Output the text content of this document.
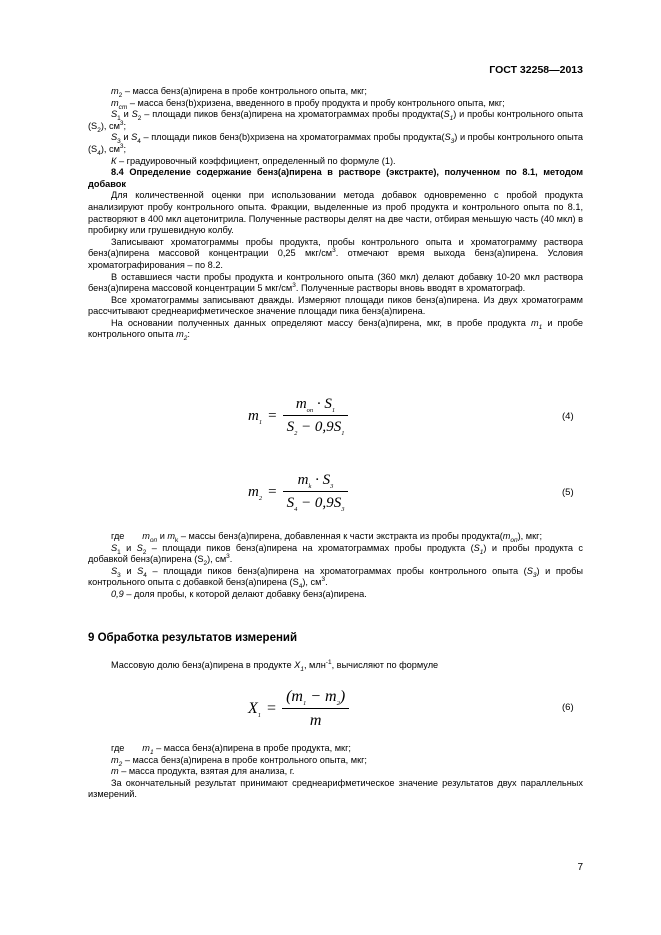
ГОСТ 32258—2013

$m_2$ – масса бенз(а)пирена в пробе контрольного опыта, мкг;

$m_{cm}$ – масса бенз(b)хризена, введенного в пробу продукта и пробу контрольного опыта, мкг;

$S_1$ и $S_2$ – площади пиков бенз(а)пирена на хроматограммах пробы $продукта(S_1)$ и пробы контрольного опыта $(S_2)$, $см^3$;

$S_3$ и $S_4$ – площади пиков бенз(b)хризена на хроматограммах пробы $продукта(S_3)$ и пробы контрольного опыта $(S_4)$, $см^3$;

К – градуировочный коэффициент, определенный по формуле (1).

8.4 Определение содержание бенз(а)пирена в растворе (экстракте), полученном по 8.1, методом добавок

Для количественной оценки при использовании метода добавок одновременно с пробой продукта анализируют пробу контрольного опыта. Фракции, выделенные из проб продукта и контрольного опыта по 8.1, растворяют в 400 мкл ацетонитрила. Полученные растворы делят на две части, отбирая меньшую часть (40 мкл) в пробирку или грушевидную колбу.

Записывают хроматограммы пробы продукта, пробы контрольного опыта и хроматограмму раствора бенз(а)пирена массовой концентрации 0,25 мкг/$см^3$. отмечают время выхода бенз(а)пирена. Условия хроматографирования – по 8.2.

В оставшиеся части пробы продукта и контрольного опыта (360 мкл) делают добавку 10-20 мкл раствора бенз(а)пирена массовой концентрации 5 мкг/$см^3$. Полученные растворы вновь вводят в хроматограф.

Все хроматограммы записывают дважды. Измеряют площади пиков бенз(а)пирена. Из двух хроматограмм рассчитывают среднеарифметическое значение площади пика бенз(а)пирена.

На основании полученных данных определяют массу бенз(а)пирена, мкг, в пробе продукта $m_1$ и пробе контрольного опыта $m_2$:

$m_1 = \frac{m_{оп} \cdot S_1}{S_2 - 0,9S_1}$	(4)
$m_2 = \frac{m_k \cdot S_3}{S_4 - 0,9S_3}$	(5)

где       $m_{оп}$ и $m_k$ – массы бенз(а)пирена, добавленная к части экстракта из пробы $продукта(m_{оп})$, мкг;

$S_1$ и $S_2$ – площади пиков бенз(а)пирена на хроматограммах пробы продукта $(S_1)$ и пробы продукта с добавкой бенз(а)пирена $(S_2)$, $см^3$.

$S_3$ и $S_4$ – площади пиков бенз(а)пирена на хроматограммах пробы контрольного опыта $(S_3)$ и пробы контрольного опыта с добавкой бенз(а)пирена $(S_4)$, $см^3$.

0,9 – доля пробы, к которой делают добавку бенз(а)пирена.

9 Обработка результатов измерений

Массовую долю бенз(а)пирена в продукте $X_1$, млн$^{-1}$, вычисляют по формуле

$X_1 = \frac{(m_1 - m_2)}{m}$	(6)

где       $m_1$ – масса бенз(а)пирена в пробе продукта, мкг;

$m_2$ – масса бенз(а)пирена в пробе контрольного опыта, мкг;

m – масса продукта, взятая для анализа, г.

За окончательный результат принимают среднеарифметическое значение результатов двух параллельных измерений.

7
